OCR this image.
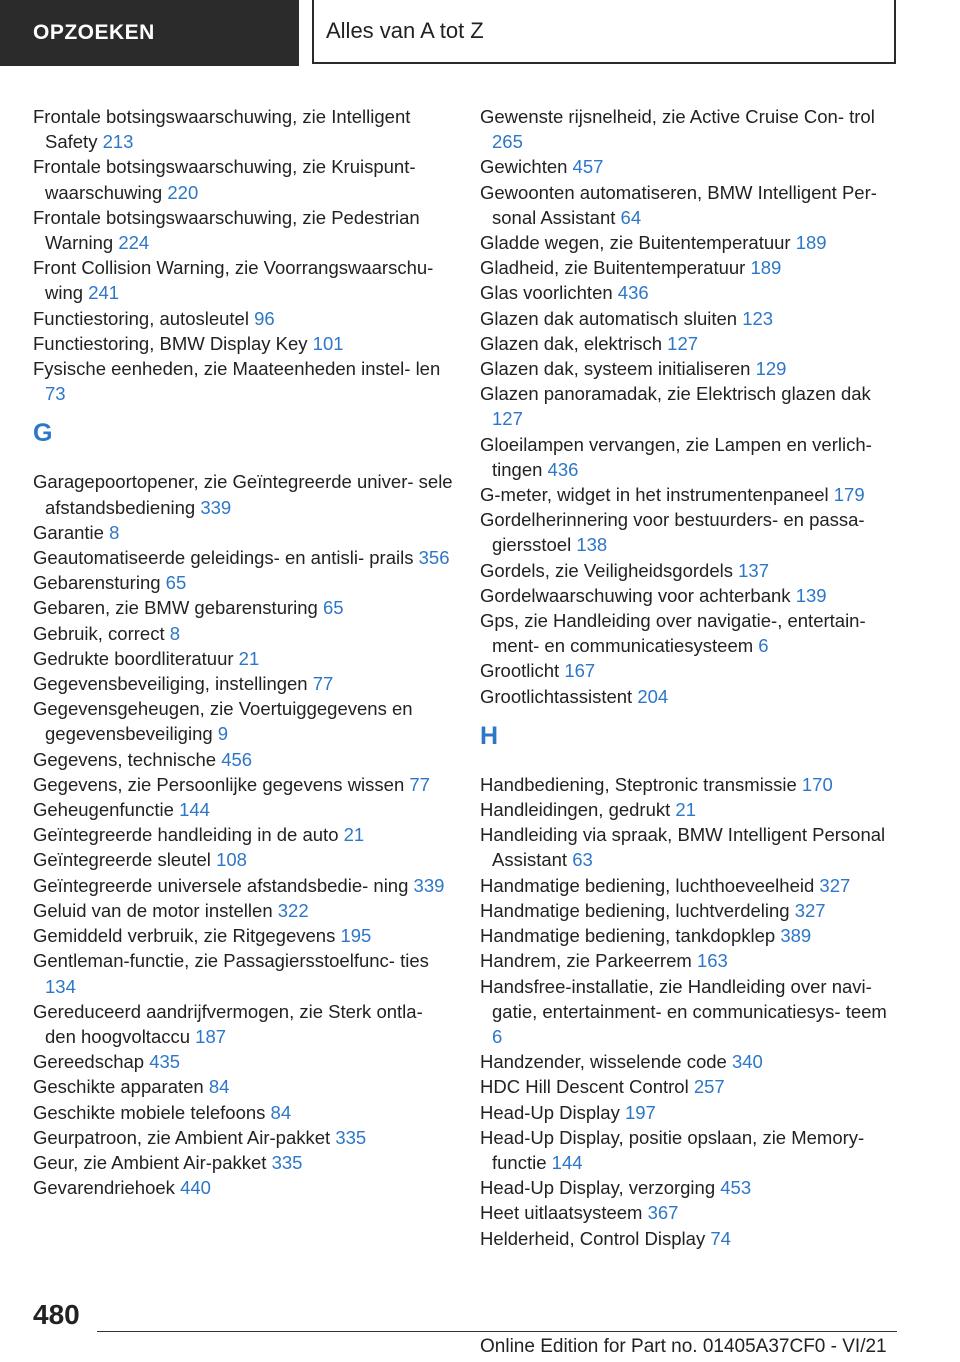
OPZOEKEN	Alles van A tot Z
Frontale botsingswaarschuwing, zie Intelligent Safety 213
Frontale botsingswaarschuwing, zie Kruispunt- waarschuwing 220
Frontale botsingswaarschuwing, zie Pedestrian Warning 224
Front Collision Warning, zie Voorrangswaarschu- wing 241
Functiestoring, autosleutel 96
Functiestoring, BMW Display Key 101
Fysische eenheden, zie Maateenheden instel- len 73
G
Garagepoortopener, zie Geïntegreerde univer- sele afstandsbediening 339
Garantie 8
Geautomatiseerde geleidings- en antisli- prails 356
Gebarensturing 65
Gebaren, zie BMW gebarensturing 65
Gebruik, correct 8
Gedrukte boordliteratuur 21
Gegevensbeveiliging, instellingen 77
Gegevensgeheugen, zie Voertuiggegevens en gegevensbeveiliging 9
Gegevens, technische 456
Gegevens, zie Persoonlijke gegevens wissen 77
Geheugenfunctie 144
Geïntegreerde handleiding in de auto 21
Geïntegreerde sleutel 108
Geïntegreerde universele afstandsbedie- ning 339
Geluid van de motor instellen 322
Gemiddeld verbruik, zie Ritgegevens 195
Gentleman-functie, zie Passagiersstoelfunc- ties 134
Gereduceerd aandrijfvermogen, zie Sterk ontla- den hoogvoltaccu 187
Gereedschap 435
Geschikte apparaten 84
Geschikte mobiele telefoons 84
Geurpatroon, zie Ambient Air-pakket 335
Geur, zie Ambient Air-pakket 335
Gevarendriehoek 440
Gewenste rijsnelheid, zie Active Cruise Con- trol 265
Gewichten 457
Gewoonten automatiseren, BMW Intelligent Per- sonal Assistant 64
Gladde wegen, zie Buitentemperatuur 189
Gladheid, zie Buitentemperatuur 189
Glas voorlichten 436
Glazen dak automatisch sluiten 123
Glazen dak, elektrisch 127
Glazen dak, systeem initialiseren 129
Glazen panoramadak, zie Elektrisch glazen dak 127
Gloeilampen vervangen, zie Lampen en verlich- tingen 436
G-meter, widget in het instrumentenpaneel 179
Gordelherinnering voor bestuurders- en passa- giersstoel 138
Gordels, zie Veiligheidsgordels 137
Gordelwaarschuwing voor achterbank 139
Gps, zie Handleiding over navigatie-, entertain- ment- en communicatiesysteem 6
Grootlicht 167
Grootlichtassistent 204
H
Handbediening, Steptronic transmissie 170
Handleidingen, gedrukt 21
Handleiding via spraak, BMW Intelligent Personal Assistant 63
Handmatige bediening, luchthoeveelheid 327
Handmatige bediening, luchtverdeling 327
Handmatige bediening, tankdopklep 389
Handrem, zie Parkeerrem 163
Handsfree-installatie, zie Handleiding over navi- gatie, entertainment- en communicatiesys- teem 6
Handzender, wisselende code 340
HDC Hill Descent Control 257
Head-Up Display 197
Head-Up Display, positie opslaan, zie Memory- functie 144
Head-Up Display, verzorging 453
Heet uitlaatsysteem 367
Helderheid, Control Display 74
480
Online Edition for Part no. 01405A37CF0 - VI/21
